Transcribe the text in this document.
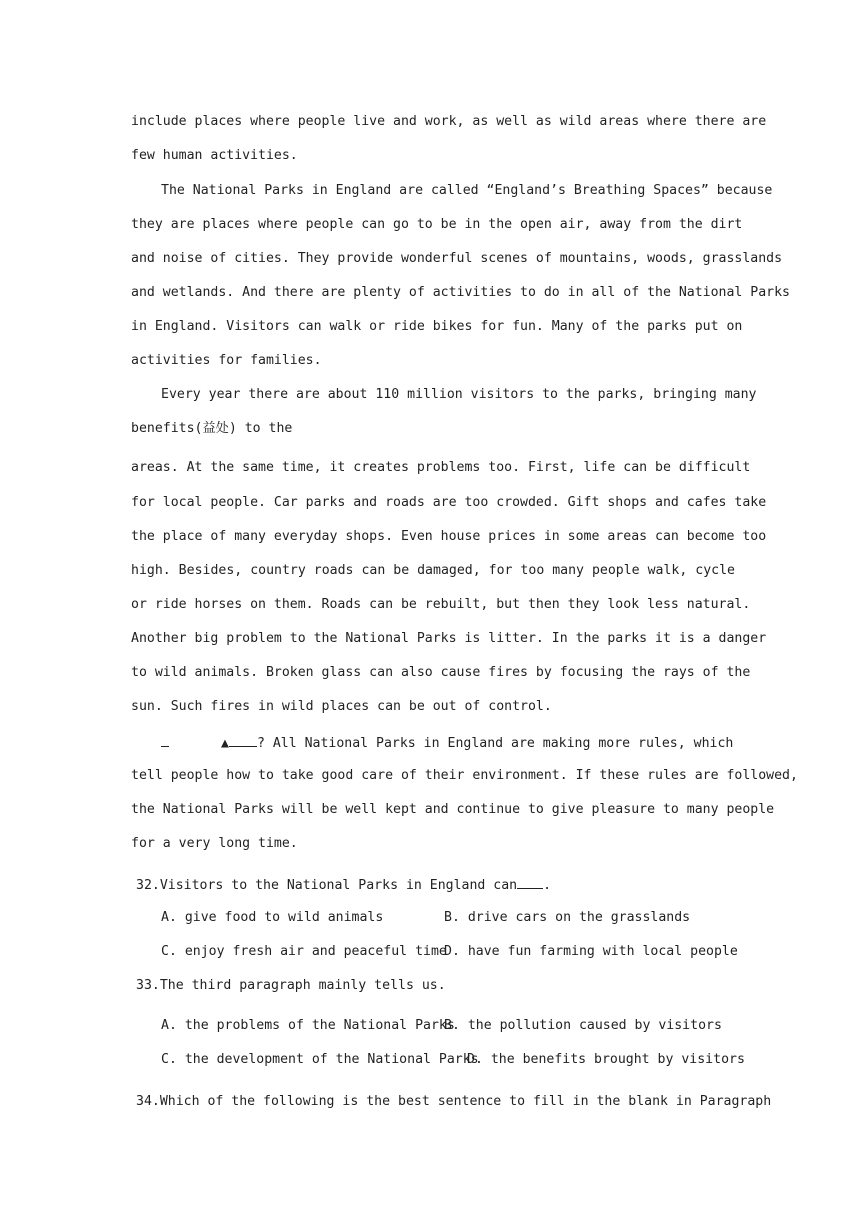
include places where people live and work, as well as wild areas where there are
few human activities.
The National Parks in England are called “England’s Breathing Spaces” because
they are places where people can go to be in the open air, away from the dirt
and noise of cities. They provide wonderful scenes of mountains, woods, grasslands
and wetlands. And there are plenty of activities to do in all of the National Parks
in England. Visitors can walk or ride bikes for fun. Many of the parks put on
activities for families.
Every year there are about 110 million visitors to the parks, bringing many
benefits(益处) to the
areas. At the same time, it creates problems too. First, life can be difficult
for local people. Car parks and roads are too crowded. Gift shops and cafes take
the place of many everyday shops. Even house prices in some areas can become too
high. Besides, country roads can be damaged, for too many people walk, cycle
or ride horses on them. Roads can be rebuilt, but then they look less natural.
Another big problem to the National Parks is litter. In the parks it is a danger
to wild animals. Broken glass can also cause fires by focusing the rays of the
sun. Such fires in wild places can be out of control.
▲ ? All National Parks in England are making more rules, which
tell people how to take good care of their environment. If these rules are followed,
the National Parks will be well kept and continue to give pleasure to many people
for a very long time.
32.Visitors to the National Parks in England can .
A. give food to wild animals	B. drive cars on the grasslands
C. enjoy fresh air and peaceful time
D. have fun farming with local people
33.The third paragraph mainly tells us.
A. the problems of the National Parks
B. the pollution caused by visitors
C. the development of the National Parks
D. the benefits brought by visitors
34.Which of the following is the best sentence to fill in the blank in Paragraph
